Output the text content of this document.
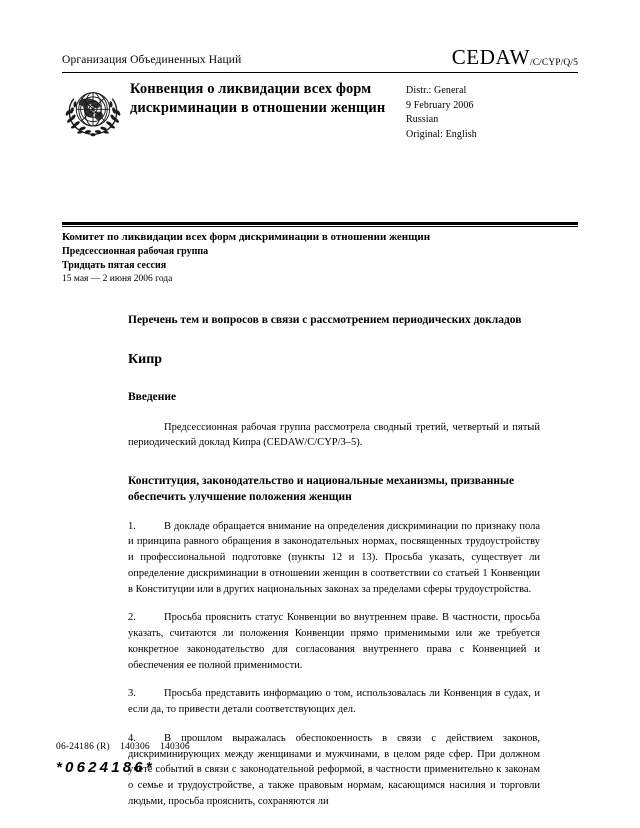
Организация Объединенных Наций	CEDAW /C/CYP/Q/5
Конвенция о ликвидации всех форм дискриминации в отношении женщин
Distr.: General
9 February 2006
Russian
Original: English
Комитет по ликвидации всех форм дискриминации в отношении женщин
Предсессионная рабочая группа
Тридцать пятая сессия
15 мая — 2 июня 2006 года
Перечень тем и вопросов в связи с рассмотрением периодических докладов
Кипр
Введение
Предсессионная рабочая группа рассмотрела сводный третий, четвертый и пятый периодический доклад Кипра (CEDAW/C/CYP/3–5).
Конституция, законодательство и национальные механизмы, призванные обеспечить улучшение положения женщин
1.	В докладе обращается внимание на определения дискриминации по признаку пола и принципа равного обращения в законодательных нормах, посвященных трудоустройству и профессиональной подготовке (пункты 12 и 13). Просьба указать, существует ли определение дискриминации в отношении женщин в соответствии со статьей 1 Конвенции в Конституции или в других национальных законах за пределами сферы трудоустройства.
2.	Просьба прояснить статус Конвенции во внутреннем праве. В частности, просьба указать, считаются ли положения Конвенции прямо применимыми или же требуется конкретное законодательство для согласования внутреннего права с Конвенцией и обеспечения ее полной применимости.
3.	Просьба представить информацию о том, использовалась ли Конвенция в судах, и если да, то привести детали соответствующих дел.
4.	В прошлом выражалась обеспокоенность в связи с действием законов, дискриминирующих между женщинами и мужчинами, в целом ряде сфер. При должном учете событий в связи с законодательной реформой, в частности применительно к законам о семье и трудоустройстве, а также правовым нормам, касающимся насилия и торговли людьми, просьба прояснить, сохраняются ли
06-24186 (R)    140306    140306
*0624186*
